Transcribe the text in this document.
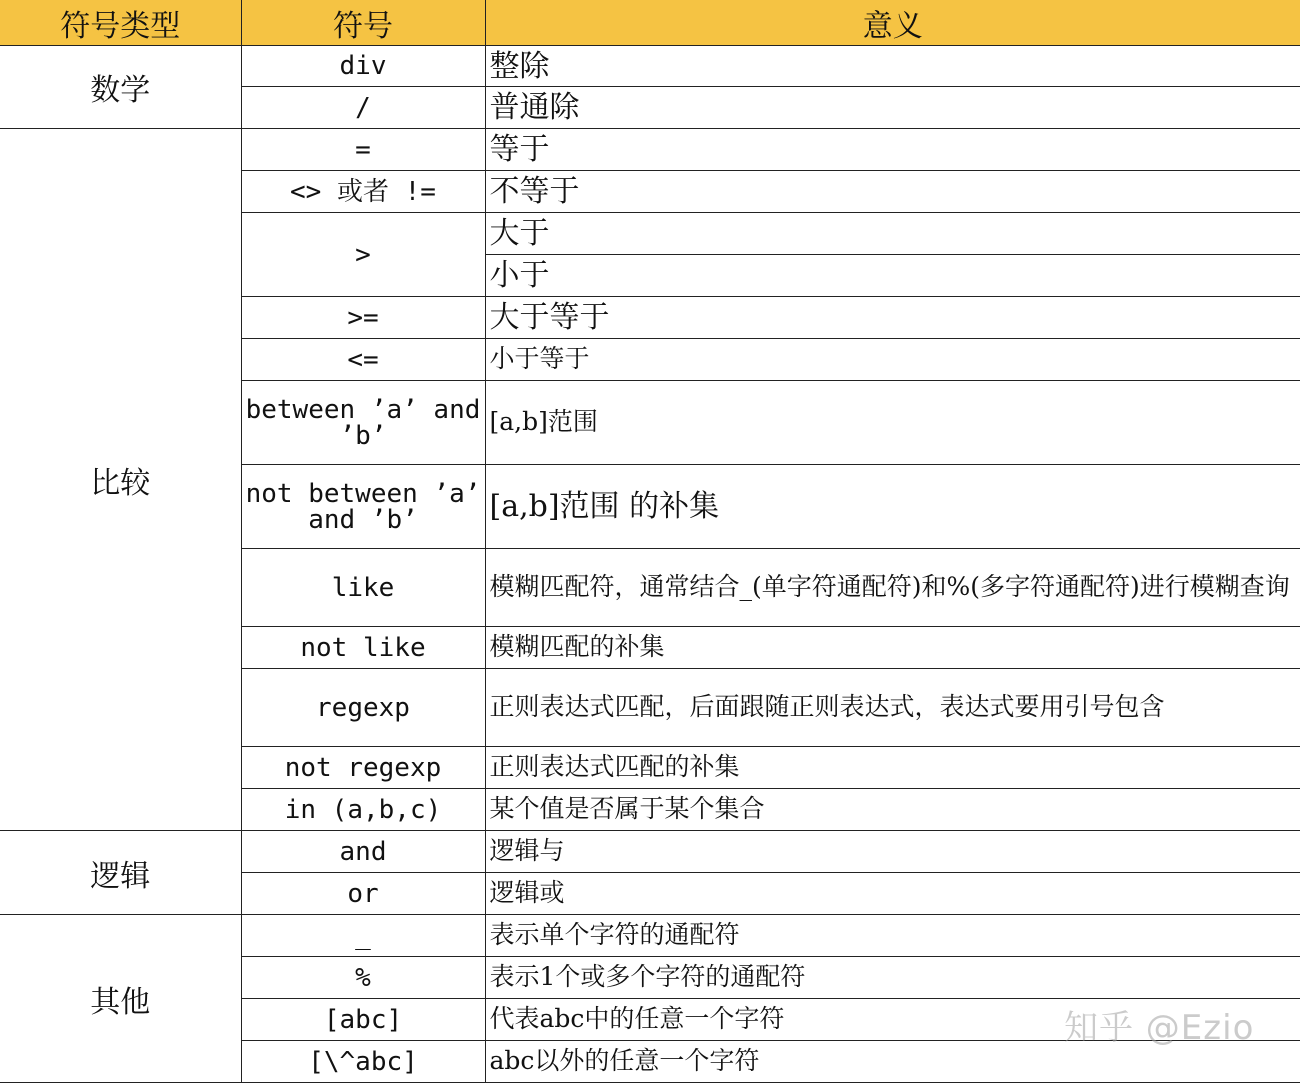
符号类型	符号	意义
数学	div	整除
	/	普通除
比较	=	等于
	<> 或者 !=	不等于
	>	大于
		小于
	>=	大于等于
	<=	小于等于
	between ’a’ and ’b’	[a,b]范围
	not between ’a’ and ’b’	[a,b]范围 的补集
	like	模糊匹配符，通常结合_(单字符通配符)和%(多字符通配符)进行模糊查询
	not like	模糊匹配的补集
	regexp	正则表达式匹配，后面跟随正则表达式，表达式要用引号包含
	not regexp	正则表达式匹配的补集
	in (a,b,c)	某个值是否属于某个集合
逻辑	and	逻辑与
	or	逻辑或
其他	_	表示单个字符的通配符
	%	表示1个或多个字符的通配符
	[abc]	代表abc中的任意一个字符
	[\^abc]	abc以外的任意一个字符
知乎 @Ezio
